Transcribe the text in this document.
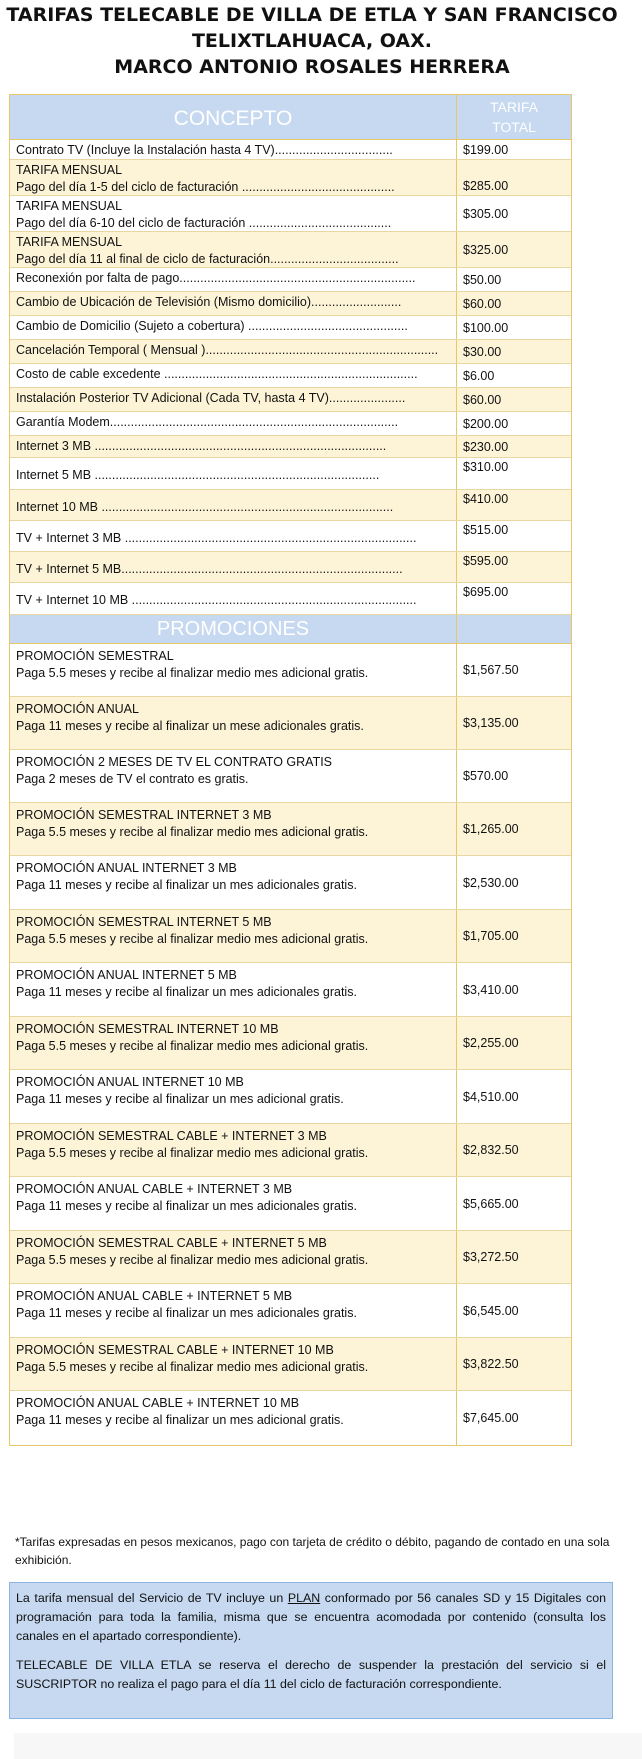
TARIFAS TELECABLE DE VILLA DE ETLA Y SAN FRANCISCO
TELIXTLAHUACA, OAX.
MARCO ANTONIO ROSALES HERRERA
CONCEPTO	TARIFA
TOTAL
Contrato TV (Incluye la Instalación hasta 4 TV)..................................	$199.00
TARIFA MENSUAL
Pago del día 1-5 del ciclo de facturación ............................................	$285.00
TARIFA MENSUAL
Pago del día 6-10 del ciclo de facturación .........................................
$305.00
TARIFA MENSUAL
Pago del día 11 al final de ciclo de facturación.....................................
$325.00
Reconexión por falta de pago....................................................................	$50.00
Cambio de Ubicación de Televisión (Mismo domicilio)..........................	$60.00
Cambio de Domicilio (Sujeto a cobertura) ..............................................	$100.00
Cancelación Temporal ( Mensual )...................................................................	$30.00
Costo de cable excedente .........................................................................	$6.00
Instalación Posterior TV Adicional (Cada TV, hasta 4 TV)......................	$60.00
Garantía Modem...................................................................................	$200.00
Internet 3 MB ....................................................................................	$230.00
Internet 5 MB ..................................................................................
$310.00
Internet 10 MB ....................................................................................
$410.00
TV + Internet 3 MB ....................................................................................
$515.00
TV + Internet 5 MB.................................................................................
$595.00
TV + Internet 10 MB ..................................................................................
$695.00
PROMOCIONES
PROMOCIÓN SEMESTRAL
Paga 5.5 meses y recibe al finalizar medio mes adicional gratis.	$1,567.50
PROMOCIÓN ANUAL
Paga 11 meses y recibe al finalizar un mese adicionales gratis.	$3,135.00
PROMOCIÓN 2 MESES DE TV EL CONTRATO GRATIS
Paga 2 meses de TV el contrato es gratis.	$570.00
PROMOCIÓN SEMESTRAL INTERNET 3 MB
Paga 5.5 meses y recibe al finalizar medio mes adicional gratis.	$1,265.00
PROMOCIÓN ANUAL INTERNET 3 MB
Paga 11 meses y recibe al finalizar un mes adicionales gratis.	$2,530.00
PROMOCIÓN SEMESTRAL INTERNET 5 MB
Paga 5.5 meses y recibe al finalizar medio mes adicional gratis.	$1,705.00
PROMOCIÓN ANUAL INTERNET 5 MB
Paga 11 meses y recibe al finalizar un mes adicionales gratis.	$3,410.00
PROMOCIÓN SEMESTRAL INTERNET 10 MB
Paga 5.5 meses y recibe al finalizar medio mes adicional gratis.	$2,255.00
PROMOCIÓN ANUAL INTERNET 10 MB
Paga 11 meses y recibe al finalizar un mes adicional gratis.	$4,510.00
PROMOCIÓN SEMESTRAL CABLE + INTERNET 3 MB
Paga 5.5 meses y recibe al finalizar medio mes adicional gratis.	$2,832.50
PROMOCIÓN ANUAL CABLE + INTERNET 3 MB
Paga 11 meses y recibe al finalizar un mes adicionales gratis.	$5,665.00
PROMOCIÓN SEMESTRAL CABLE + INTERNET 5 MB
Paga 5.5 meses y recibe al finalizar medio mes adicional gratis.	$3,272.50
PROMOCIÓN ANUAL CABLE + INTERNET 5 MB
Paga 11 meses y recibe al finalizar un mes adicionales gratis.	$6,545.00
PROMOCIÓN SEMESTRAL CABLE + INTERNET 10 MB
Paga 5.5 meses y recibe al finalizar medio mes adicional gratis.	$3,822.50
PROMOCIÓN ANUAL CABLE + INTERNET 10 MB
Paga 11 meses y recibe al finalizar un mes adicional gratis.	$7,645.00
*Tarifas expresadas en pesos mexicanos, pago con tarjeta de crédito o débito, pagando de contado en una sola exhibición.

La tarifa mensual del Servicio de TV incluye un PLAN conformado por 56 canales SD y 15 Digitales con programación para toda la familia, misma que se encuentra acomodada por contenido (consulta los canales en el apartado correspondiente).

TELECABLE DE VILLA ETLA se reserva el derecho de suspender la prestación del servicio si el SUSCRIPTOR no realiza el pago para el día 11 del ciclo de facturación correspondiente.
